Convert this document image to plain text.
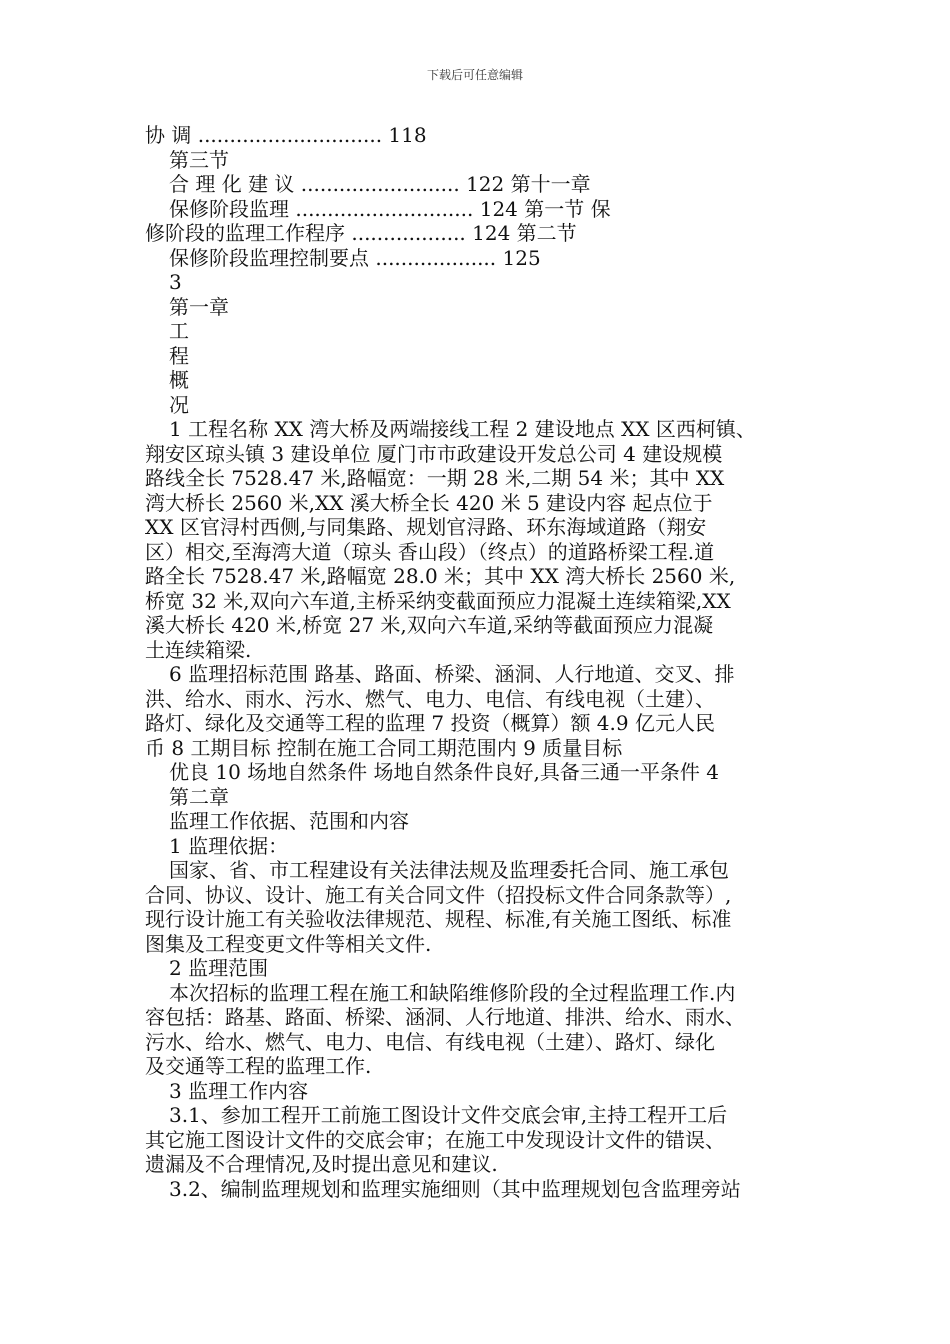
下载后可任意编辑
协 调 ............................. 118
第三节
合 理 化 建 议 ......................... 122 第十一章
保修阶段监理 ............................ 124 第一节 保
修阶段的监理工作程序 .................. 124 第二节
保修阶段监理控制要点 ................... 125
3
第一章
工
程
概
况
1 工程名称 XX 湾大桥及两端接线工程 2 建设地点 XX 区西柯镇、
翔安区琼头镇 3 建设单位 厦门市市政建设开发总公司 4 建设规模
路线全长 7528.47 米,路幅宽：一期 28 米,二期 54 米；其中 XX
湾大桥长 2560 米,XX 溪大桥全长 420 米 5 建设内容 起点位于
XX 区官浔村西侧,与同集路、规划官浔路、环东海域道路（翔安
区）相交,至海湾大道（琼头 香山段）（终点）的道路桥梁工程.道
路全长 7528.47 米,路幅宽 28.0 米；其中 XX 湾大桥长 2560 米,
桥宽 32 米,双向六车道,主桥采纳变截面预应力混凝土连续箱梁,XX
溪大桥长 420 米,桥宽 27 米,双向六车道,采纳等截面预应力混凝
土连续箱梁.
6 监理招标范围 路基、路面、桥梁、涵洞、人行地道、交叉、排
洪、给水、雨水、污水、燃气、电力、电信、有线电视（土建）、
路灯、绿化及交通等工程的监理 7 投资（概算）额 4.9 亿元人民
币 8 工期目标 控制在施工合同工期范围内 9 质量目标
优良 10 场地自然条件 场地自然条件良好,具备三通一平条件 4
第二章
监理工作依据、范围和内容
1 监理依据：
国家、省、市工程建设有关法律法规及监理委托合同、施工承包
合同、协议、设计、施工有关合同文件（招投标文件合同条款等）,
现行设计施工有关验收法律规范、规程、标准,有关施工图纸、标准
图集及工程变更文件等相关文件.
2 监理范围
本次招标的监理工程在施工和缺陷维修阶段的全过程监理工作.内
容包括：路基、路面、桥梁、涵洞、人行地道、排洪、给水、雨水、
污水、给水、燃气、电力、电信、有线电视（土建）、路灯、绿化
及交通等工程的监理工作.
3 监理工作内容
3.1、参加工程开工前施工图设计文件交底会审,主持工程开工后
其它施工图设计文件的交底会审；在施工中发现设计文件的错误、
遗漏及不合理情况,及时提出意见和建议.
3.2、编制监理规划和监理实施细则（其中监理规划包含监理旁站
